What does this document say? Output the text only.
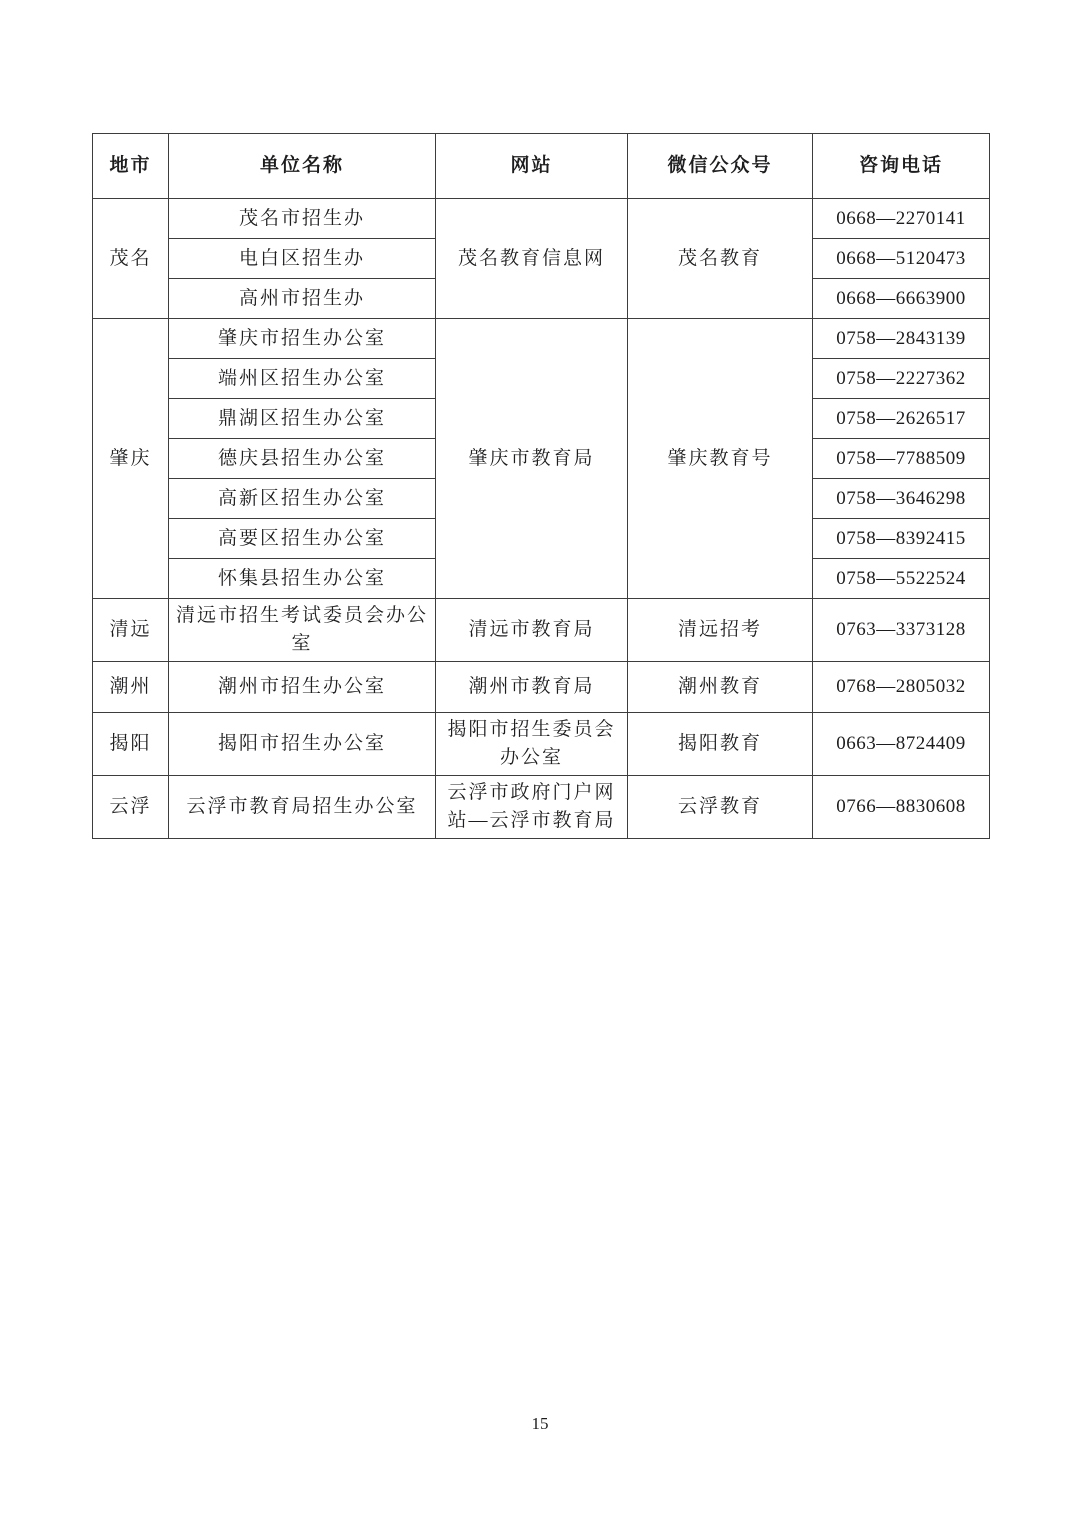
地市	单位名称	网站	微信公众号	咨询电话
茂名	茂名市招生办	茂名教育信息网	茂名教育	0668—2270141
	电白区招生办			0668—5120473
	高州市招生办			0668—6663900
肇庆	肇庆市招生办公室	肇庆市教育局	肇庆教育号	0758—2843139
	端州区招生办公室			0758—2227362
	鼎湖区招生办公室			0758—2626517
	德庆县招生办公室			0758—7788509
	高新区招生办公室			0758—3646298
	高要区招生办公室			0758—8392415
	怀集县招生办公室			0758—5522524
清远	清远市招生考试委员会办公室	清远市教育局	清远招考	0763—3373128
潮州	潮州市招生办公室	潮州市教育局	潮州教育	0768—2805032
揭阳	揭阳市招生办公室	揭阳市招生委员会办公室	揭阳教育	0663—8724409
云浮	云浮市教育局招生办公室	云浮市政府门户网站—云浮市教育局	云浮教育	0766—8830608
15
